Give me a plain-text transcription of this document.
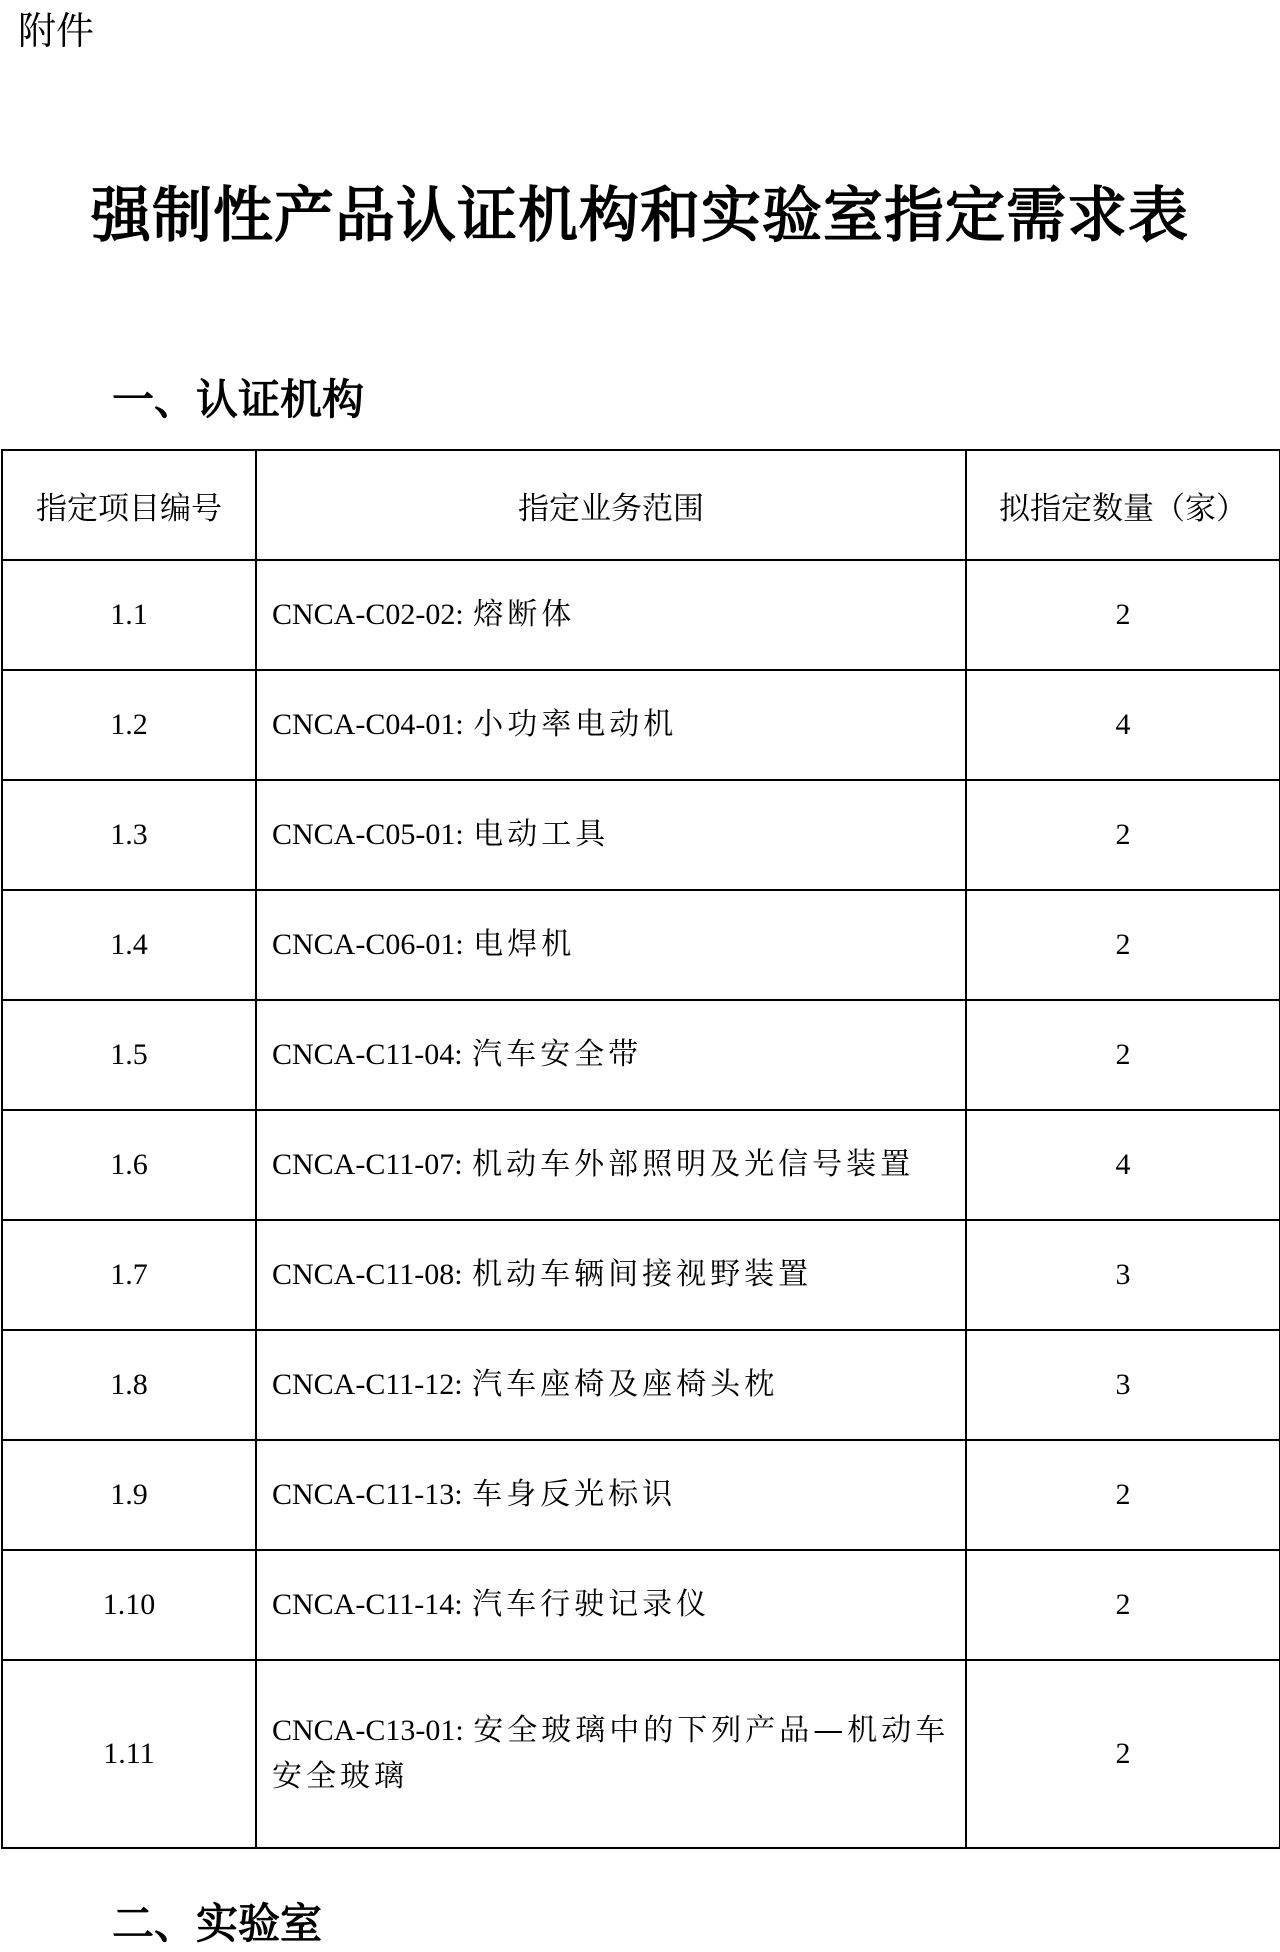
附件
强制性产品认证机构和实验室指定需求表
一、认证机构
指定项目编号	指定业务范围	拟指定数量（家）
1.1	CNCA-C02-02: 熔断体	2
1.2	CNCA-C04-01: 小功率电动机	4
1.3	CNCA-C05-01: 电动工具	2
1.4	CNCA-C06-01: 电焊机	2
1.5	CNCA-C11-04: 汽车安全带	2
1.6	CNCA-C11-07: 机动车外部照明及光信号装置	4
1.7	CNCA-C11-08: 机动车辆间接视野装置	3
1.8	CNCA-C11-12: 汽车座椅及座椅头枕	3
1.9	CNCA-C11-13: 车身反光标识	2
1.10	CNCA-C11-14: 汽车行驶记录仪	2
1.11	CNCA-C13-01: 安全玻璃中的下列产品—机动车安全玻璃	2
二、实验室
